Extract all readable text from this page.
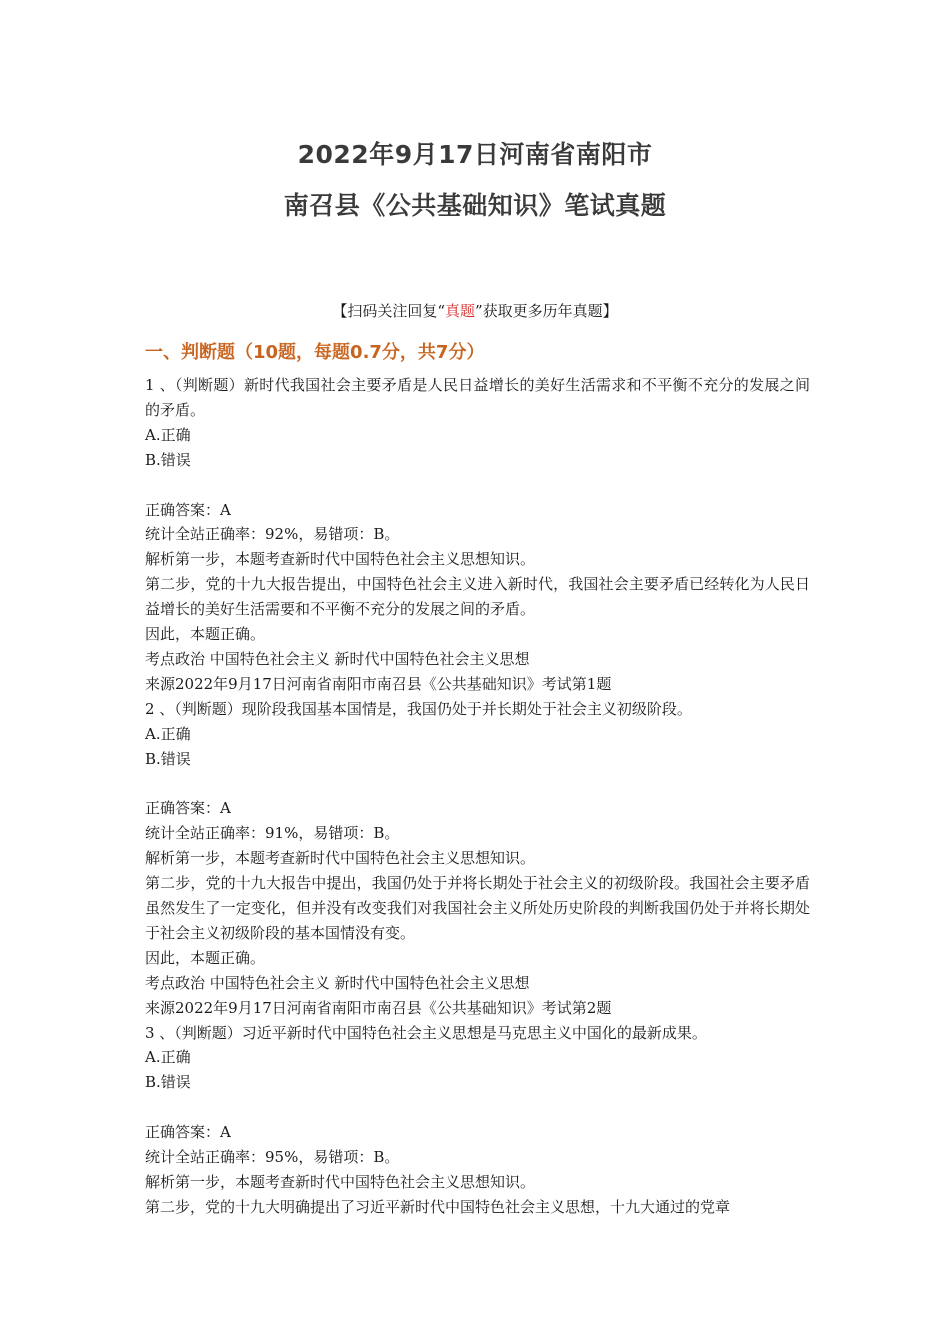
2022年9月17日河南省南阳市
南召县《公共基础知识》笔试真题
【扫码关注回复“真题”获取更多历年真题】
一、判断题（10题，每题0.7分，共7分）

1 、（判断题）新时代我国社会主要矛盾是人民日益增长的美好生活需求和不平衡不充分的发展之间的矛盾。

A.正确

B.错误

正确答案：A

统计全站正确率：92%，易错项：B。

解析第一步，本题考查新时代中国特色社会主义思想知识。

第二步，党的十九大报告提出，中国特色社会主义进入新时代，我国社会主要矛盾已经转化为人民日益增长的美好生活需要和不平衡不充分的发展之间的矛盾。

因此，本题正确。

考点政治 中国特色社会主义 新时代中国特色社会主义思想

来源2022年9月17日河南省南阳市南召县《公共基础知识》考试第1题

2 、（判断题）现阶段我国基本国情是，我国仍处于并长期处于社会主义初级阶段。

A.正确

B.错误

正确答案：A

统计全站正确率：91%，易错项：B。

解析第一步，本题考查新时代中国特色社会主义思想知识。

第二步，党的十九大报告中提出，我国仍处于并将长期处于社会主义的初级阶段。我国社会主要矛盾虽然发生了一定变化，但并没有改变我们对我国社会主义所处历史阶段的判断我国仍处于并将长期处于社会主义初级阶段的基本国情没有变。

因此，本题正确。

考点政治 中国特色社会主义 新时代中国特色社会主义思想

来源2022年9月17日河南省南阳市南召县《公共基础知识》考试第2题

3 、（判断题）习近平新时代中国特色社会主义思想是马克思主义中国化的最新成果。

A.正确

B.错误

正确答案：A

统计全站正确率：95%，易错项：B。

解析第一步，本题考查新时代中国特色社会主义思想知识。

第二步，党的十九大明确提出了习近平新时代中国特色社会主义思想，十九大通过的党章
